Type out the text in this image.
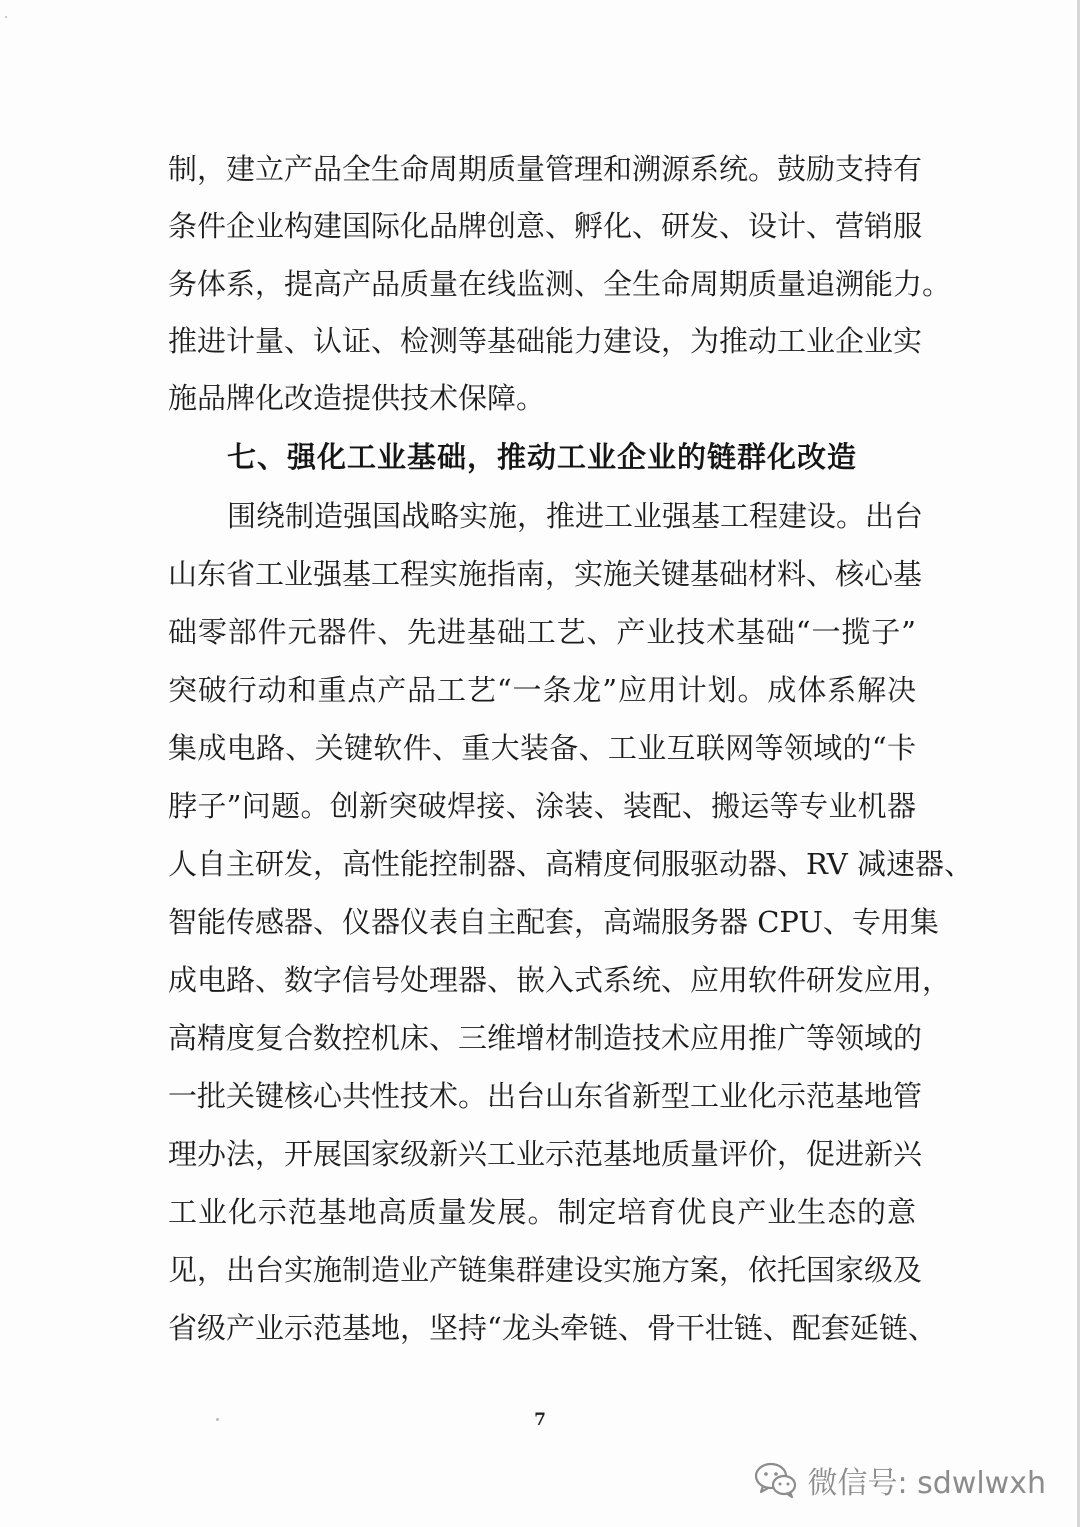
制，建立产品全生命周期质量管理和溯源系统。鼓励支持有
条件企业构建国际化品牌创意、孵化、研发、设计、营销服
务体系，提高产品质量在线监测、全生命周期质量追溯能力。
推进计量、认证、检测等基础能力建设，为推动工业企业实
施品牌化改造提供技术保障。
七、强化工业基础，推动工业企业的链群化改造
围绕制造强国战略实施，推进工业强基工程建设。出台
山东省工业强基工程实施指南，实施关键基础材料、核心基
础零部件元器件、先进基础工艺、产业技术基础“一揽子”
突破行动和重点产品工艺“一条龙”应用计划。成体系解决
集成电路、关键软件、重大装备、工业互联网等领域的“卡
脖子”问题。创新突破焊接、涂装、装配、搬运等专业机器
人自主研发，高性能控制器、高精度伺服驱动器、RV 减速器、
智能传感器、仪器仪表自主配套，高端服务器 CPU、专用集
成电路、数字信号处理器、嵌入式系统、应用软件研发应用，
高精度复合数控机床、三维增材制造技术应用推广等领域的
一批关键核心共性技术。出台山东省新型工业化示范基地管
理办法，开展国家级新兴工业示范基地质量评价，促进新兴
工业化示范基地高质量发展。制定培育优良产业生态的意
见，出台实施制造业产链集群建设实施方案，依托国家级及
省级产业示范基地，坚持“龙头牵链、骨干壮链、配套延链、
7
微信号: sdwlwxh
